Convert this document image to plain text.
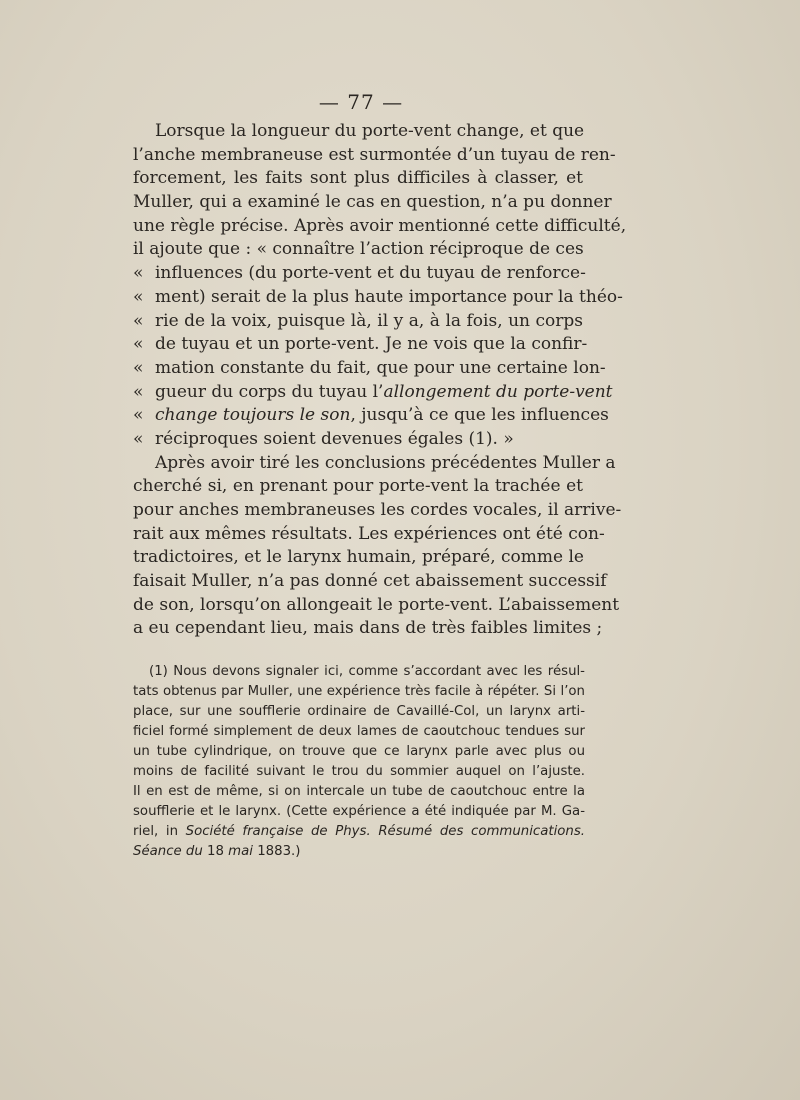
— 77 —
Lorsque la longueur du porte-vent change, et que
l’anche membraneuse est surmontée d’un tuyau de ren-
forcement, les faits sont plus difficiles à classer, et
Muller, qui a examiné le cas en question, n’a pu donner
une règle précise. Après avoir mentionné cette difficulté,
il ajoute que : « connaître l’action réciproque de ces
« influences (du porte-vent et du tuyau de renforce-
« ment) serait de la plus haute importance pour la théo-
« rie de la voix, puisque là, il y a, à la fois, un corps
« de tuyau et un porte-vent. Je ne vois que la confir-
« mation constante du fait, que pour une certaine lon-
« gueur du corps du tuyau l’allongement du porte-vent
« change toujours le son, jusqu’à ce que les influences
« réciproques soient devenues égales (1). »
Après avoir tiré les conclusions précédentes Muller a
cherché si, en prenant pour porte-vent la trachée et
pour anches membraneuses les cordes vocales, il arrive-
rait aux mêmes résultats. Les expériences ont été con-
tradictoires, et le larynx humain, préparé, comme le
faisait Muller, n’a pas donné cet abaissement successif
de son, lorsqu’on allongeait le porte-vent. L’abaissement
a eu cependant lieu, mais dans de très faibles limites ;
(1) Nous devons signaler ici, comme s’accordant avec les résul-
tats obtenus par Muller, une expérience très facile à répéter. Si l’on
place, sur une soufflerie ordinaire de Cavaillé-Col, un larynx arti-
ficiel formé simplement de deux lames de caoutchouc tendues sur
un tube cylindrique, on trouve que ce larynx parle avec plus ou
moins de facilité suivant le trou du sommier auquel on l’ajuste.
Il en est de même, si on intercale un tube de caoutchouc entre la
soufflerie et le larynx. (Cette expérience a été indiquée par M. Ga-
riel, in Société française de Phys. Résumé des communications.
Séance du 18 mai 1883.)
